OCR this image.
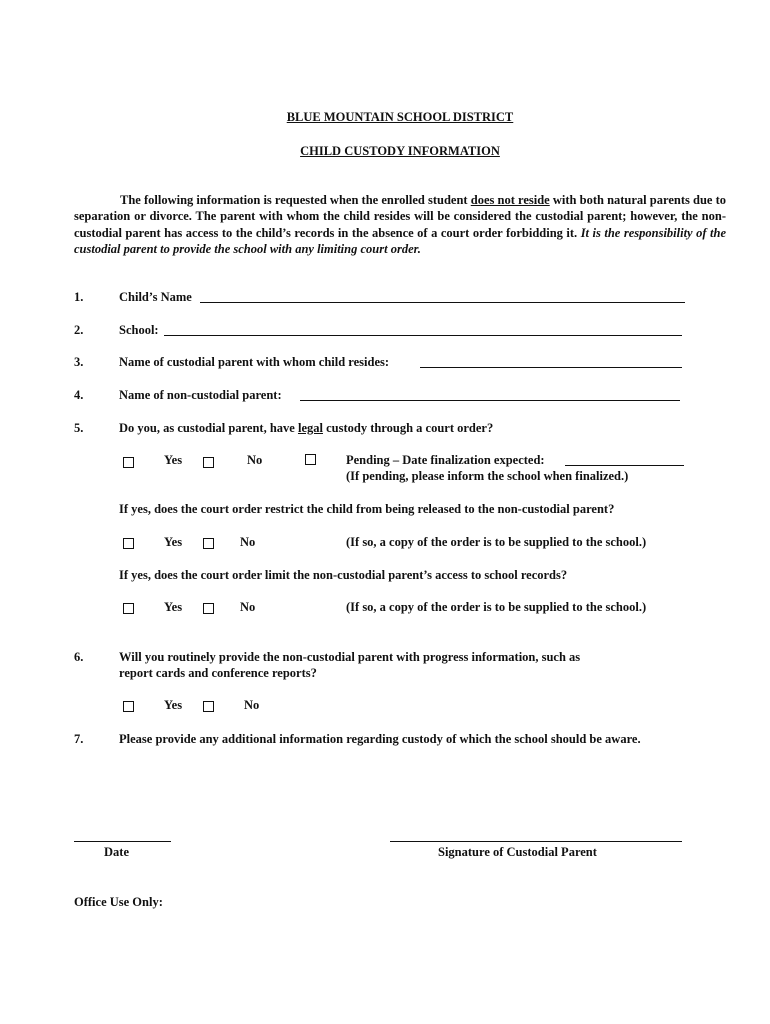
BLUE MOUNTAIN SCHOOL DISTRICT
CHILD CUSTODY INFORMATION
The following information is requested when the enrolled student does not reside with both natural parents due to separation or divorce. The parent with whom the child resides will be considered the custodial parent; however, the non-custodial parent has access to the child’s records in the absence of a court order forbidding it. It is the responsibility of the custodial parent to provide the school with any limiting court order.
1.	Child’s Name
2.	School:
3.	Name of custodial parent with whom child resides:
4.	Name of non-custodial parent:
5.	Do you, as custodial parent, have legal custody through a court order?
Yes	No	Pending – Date finalization expected:
(If pending, please inform the school when finalized.)
If yes, does the court order restrict the child from being released to the non-custodial parent?
Yes	No	(If so, a copy of the order is to be supplied to the school.)
If yes, does the court order limit the non-custodial parent’s access to school records?
Yes	No	(If so, a copy of the order is to be supplied to the school.)
6.	Will you routinely provide the non-custodial parent with progress information, such as
report cards and conference reports?
Yes	No
7.	Please provide any additional information regarding custody of which the school should be aware.
Date	Signature of Custodial Parent
Office Use Only:
